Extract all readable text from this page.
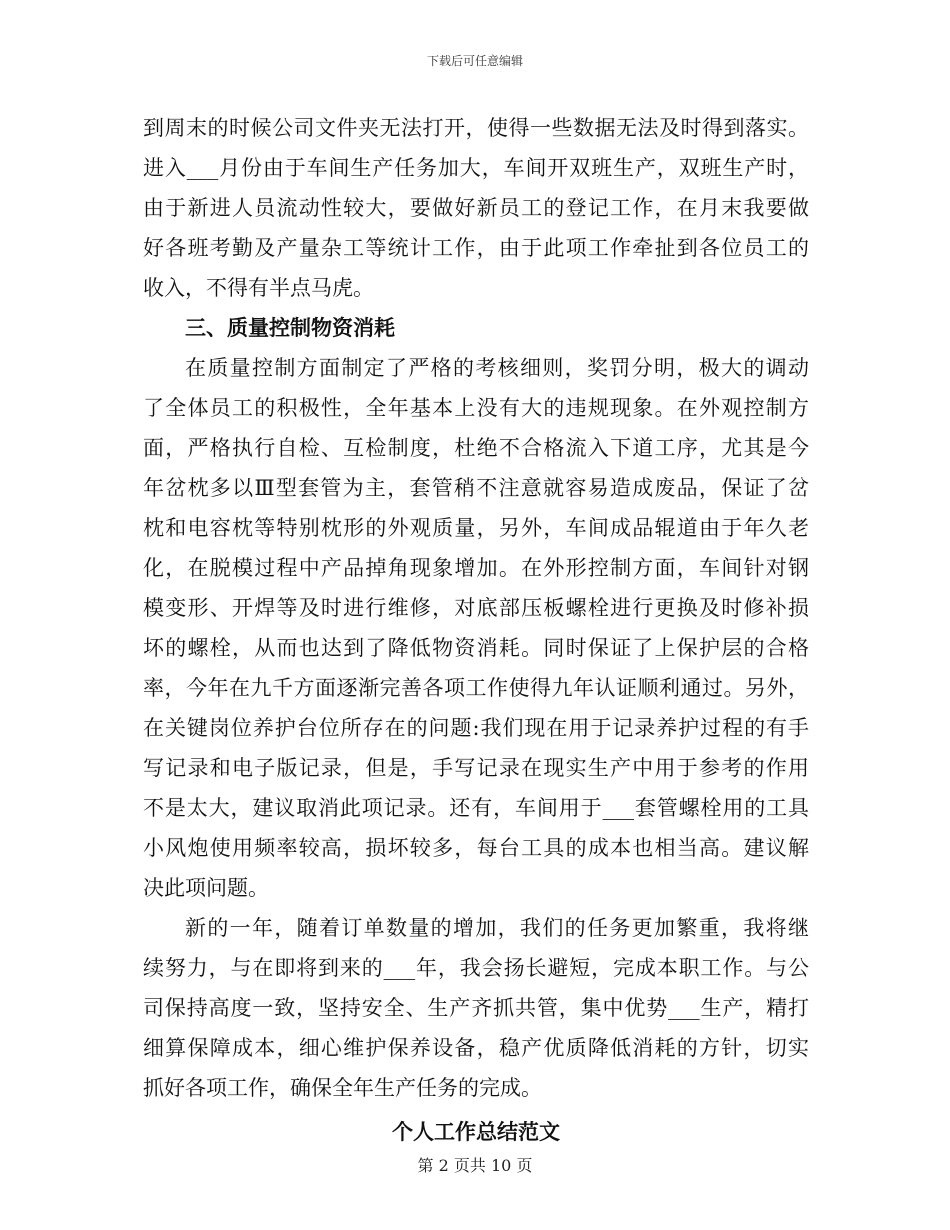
下载后可任意编辑
到周末的时候公司文件夹无法打开，使得一些数据无法及时得到落实。
进入___月份由于车间生产任务加大，车间开双班生产，双班生产时，
由于新进人员流动性较大，要做好新员工的登记工作，在月末我要做
好各班考勤及产量杂工等统计工作，由于此项工作牵扯到各位员工的
收入，不得有半点马虎。
三、质量控制物资消耗
在质量控制方面制定了严格的考核细则，奖罚分明，极大的调动
了全体员工的积极性，全年基本上没有大的违规现象。在外观控制方
面，严格执行自检、互检制度，杜绝不合格流入下道工序，尤其是今
年岔枕多以Ⅲ型套管为主，套管稍不注意就容易造成废品，保证了岔
枕和电容枕等特别枕形的外观质量，另外，车间成品辊道由于年久老
化，在脱模过程中产品掉角现象增加。在外形控制方面，车间针对钢
模变形、开焊等及时进行维修，对底部压板螺栓进行更换及时修补损
坏的螺栓，从而也达到了降低物资消耗。同时保证了上保护层的合格
率，今年在九千方面逐渐完善各项工作使得九年认证顺利通过。另外，
在关键岗位养护台位所存在的问题:我们现在用于记录养护过程的有手
写记录和电子版记录，但是，手写记录在现实生产中用于参考的作用
不是太大，建议取消此项记录。还有，车间用于___套管螺栓用的工具
小风炮使用频率较高，损坏较多，每台工具的成本也相当高。建议解
决此项问题。
新的一年，随着订单数量的增加，我们的任务更加繁重，我将继
续努力，与在即将到来的___年，我会扬长避短，完成本职工作。与公
司保持高度一致，坚持安全、生产齐抓共管，集中优势___生产，精打
细算保障成本，细心维护保养设备，稳产优质降低消耗的方针，切实
抓好各项工作，确保全年生产任务的完成。
个人工作总结范文
第 2 页共 10 页
